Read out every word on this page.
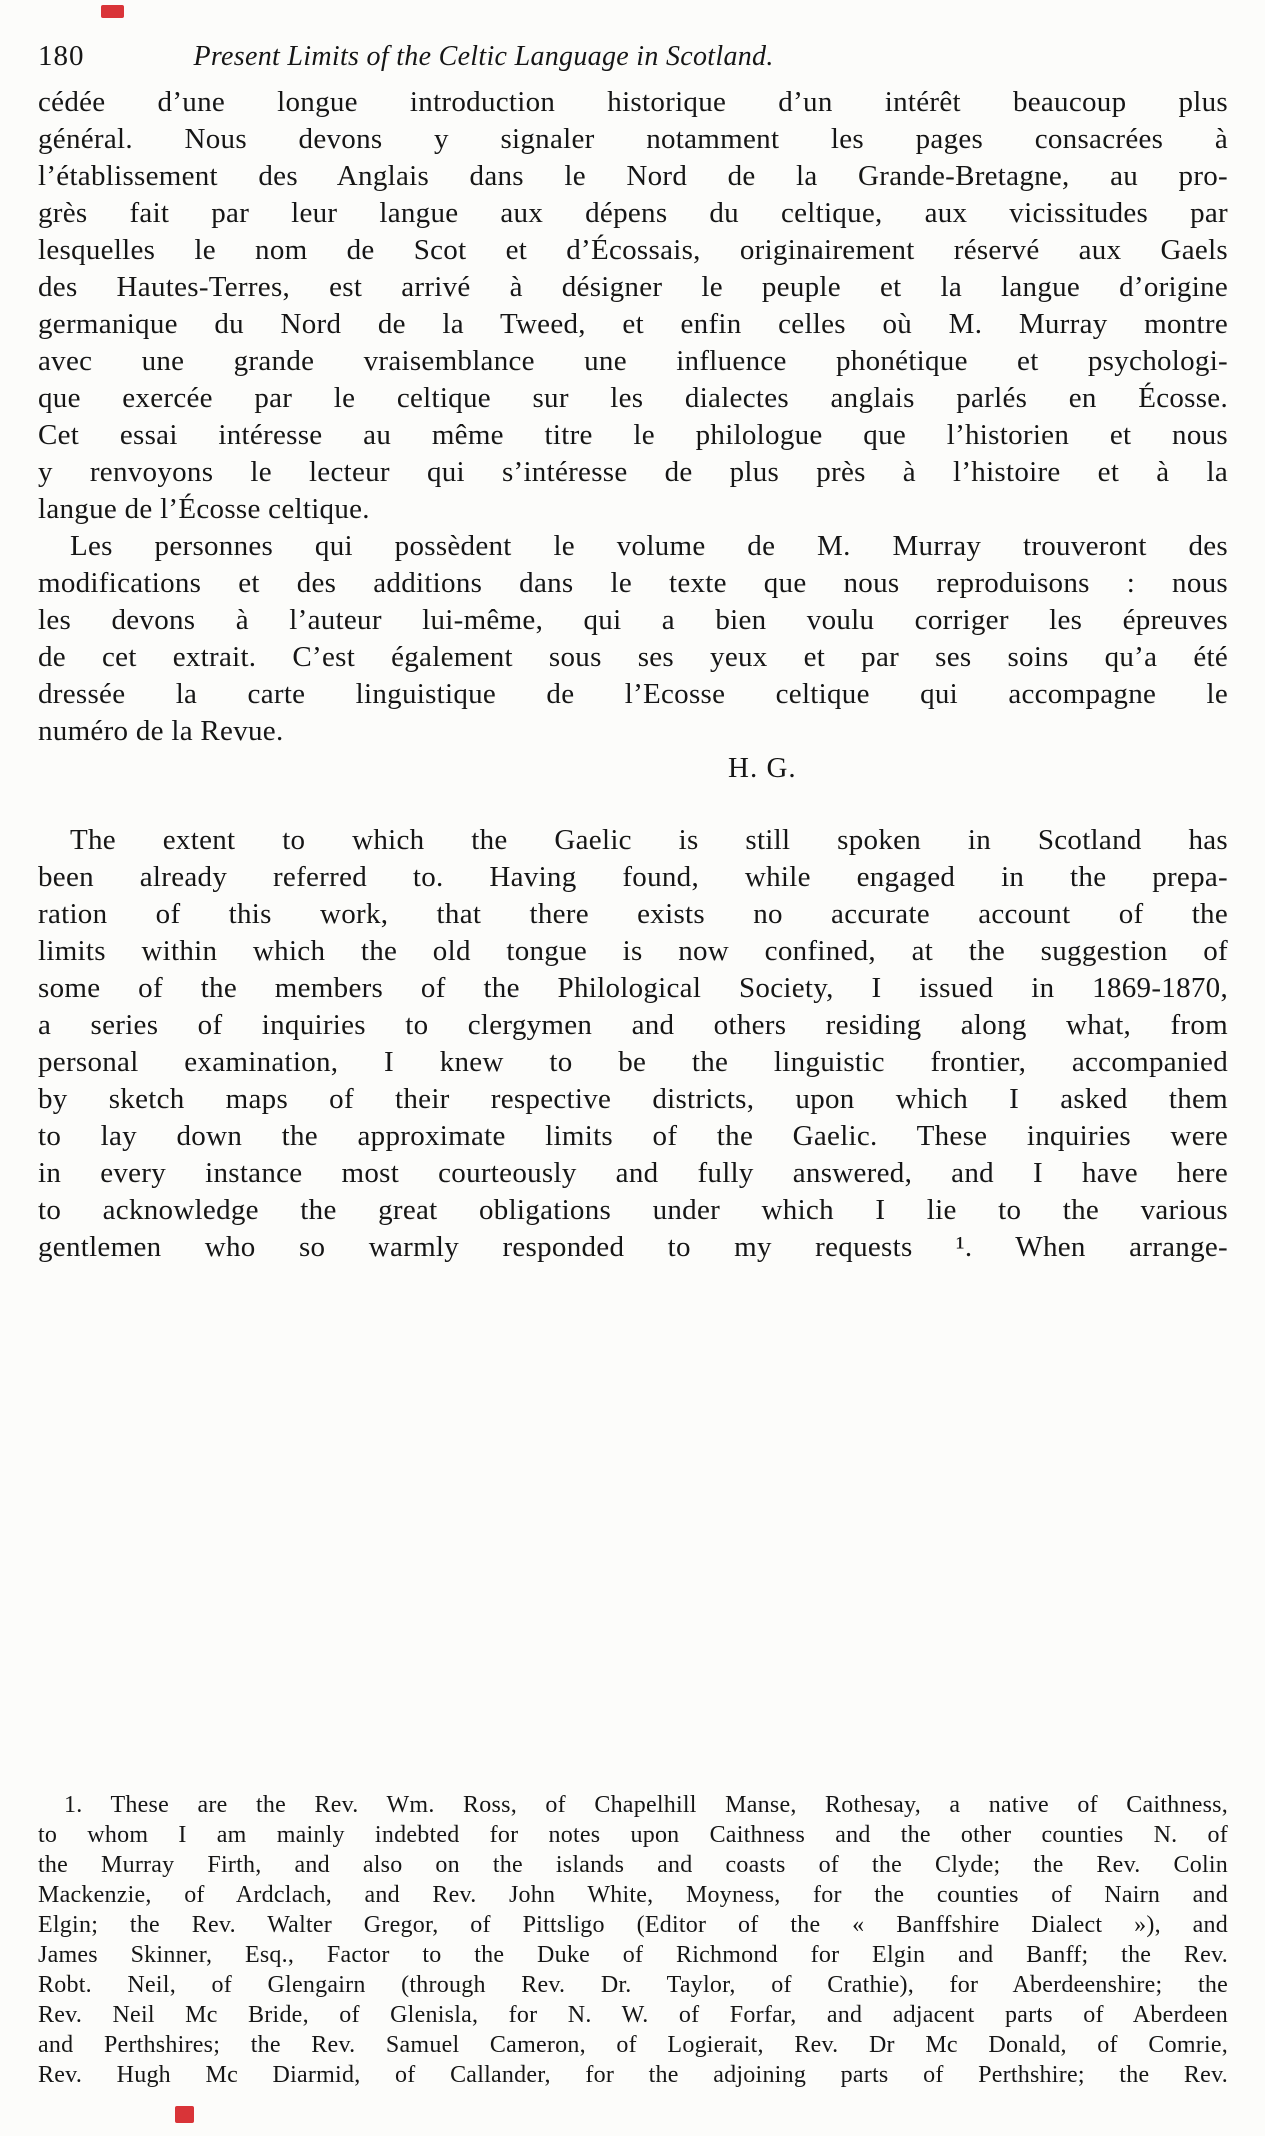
180	Present Limits of the Celtic Language in Scotland.
cédée d’une longue introduction historique d’un intérêt beaucoup plus
général. Nous devons y signaler notamment les pages consacrées à
l’établissement des Anglais dans le Nord de la Grande-Bretagne, au pro-
grès fait par leur langue aux dépens du celtique, aux vicissitudes par
lesquelles le nom de Scot et d’Écossais, originairement réservé aux Gaels
des Hautes-Terres, est arrivé à désigner le peuple et la langue d’origine
germanique du Nord de la Tweed, et enfin celles où M. Murray montre
avec une grande vraisemblance une influence phonétique et psychologi-
que exercée par le celtique sur les dialectes anglais parlés en Écosse.
Cet essai intéresse au même titre le philologue que l’historien et nous
y renvoyons le lecteur qui s’intéresse de plus près à l’histoire et à la
langue de l’Écosse celtique.
Les personnes qui possèdent le volume de M. Murray trouveront des
modifications et des additions dans le texte que nous reproduisons : nous
les devons à l’auteur lui-même, qui a bien voulu corriger les épreuves
de cet extrait. C’est également sous ses yeux et par ses soins qu’a été
dressée la carte linguistique de l’Ecosse celtique qui accompagne le
numéro de la Revue.
H. G.
The extent to which the Gaelic is still spoken in Scotland has
been already referred to. Having found, while engaged in the prepa-
ration of this work, that there exists no accurate account of the
limits within which the old tongue is now confined, at the suggestion of
some of the members of the Philological Society, I issued in 1869-1870,
a series of inquiries to clergymen and others residing along what, from
personal examination, I knew to be the linguistic frontier, accompanied
by sketch maps of their respective districts, upon which I asked them
to lay down the approximate limits of the Gaelic. These inquiries were
in every instance most courteously and fully answered, and I have here
to acknowledge the great obligations under which I lie to the various
gentlemen who so warmly responded to my requests ¹. When arrange-
1. These are the Rev. Wm. Ross, of Chapelhill Manse, Rothesay, a native of Caithness,
to whom I am mainly indebted for notes upon Caithness and the other counties N. of
the Murray Firth, and also on the islands and coasts of the Clyde; the Rev. Colin
Mackenzie, of Ardclach, and Rev. John White, Moyness, for the counties of Nairn and
Elgin; the Rev. Walter Gregor, of Pittsligo (Editor of the « Banffshire Dialect »), and
James Skinner, Esq., Factor to the Duke of Richmond for Elgin and Banff; the Rev.
Robt. Neil, of Glengairn (through Rev. Dr. Taylor, of Crathie), for Aberdeenshire; the
Rev. Neil Mc Bride, of Glenisla, for N. W. of Forfar, and adjacent parts of Aberdeen
and Perthshires; the Rev. Samuel Cameron, of Logierait, Rev. Dr Mc Donald, of Comrie,
Rev. Hugh Mc Diarmid, of Callander, for the adjoining parts of Perthshire; the Rev.
